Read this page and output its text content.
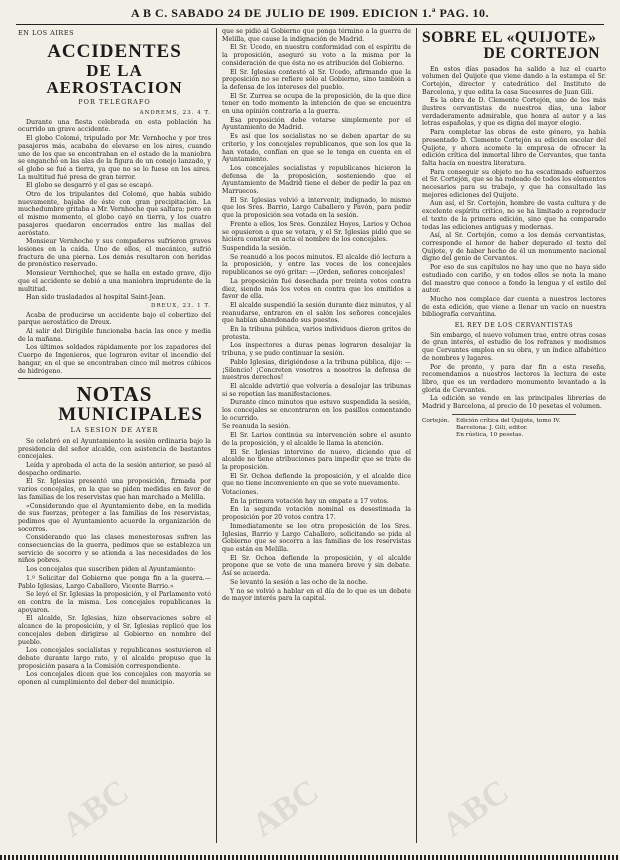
A B C. SABADO 24 DE JULIO DE 1909. EDICION 1.ª PAG. 10.

EN LOS AIRES

ACCIDENTES
DE LA AEROSTACION
POR TELÉGRAFO
ANDREMS, 23. 4 T.

Durante una fiesta celebrada en esta población ha ocurrido un grave accidente.

El globo Colomé, tripulado por Mr. Vernhoche y por tres pasajeros más, acababa de elevarse en los aires, cuando uno de los que se encontraban en el estado de la maniobra se enganchó en las alas de la figura de un conejo lanzado, y el globo se fué a tierra, ya que no se lo fuese en los aires. La multitud fué presa de gran terror.

El globo se desgarró y el gas se escapó.

Otro de los tripulantes del Colomé, que había subido nuevamente, bajaba de éste con gran precipitación. La muchedumbre gritaba a Mr. Vernhoche que saltara; pero en el mismo momento, el globo cayó en tierra, y los cuatro pasajeros quedaron encerrados entre las mallas del aeróstato.

Monsieur Vernhoche y sus compañeros sufrieron graves lesiones en la caída. Uno de ellos, el mecánico, sufrió fractura de una pierna. Los demás resultaron con heridas de pronóstico reservado.

Monsieur Vernhochel, que se halla en estado grave, dijo que el accidente se debió a una maniobra imprudente de la multitud.

Han sido trasladados al hospital Saint-Jean.

DREUX, 23. 1 T.

Acaba de producirse un accidente bajo el cobertizo del parque aerostático de Dreux.

Al salir del Dirigible funcionaba hacia las once y media de la mañana.

Los últimos soldados rápidamente por los zapadores del Cuerpo de Ingenieros, que lograron evitar el incendio del hangar, en el que se encontraban cinco mil metros cúbicos de hidrógeno.

NOTAS
MUNICIPALES
LA SESION DE AYER

Se celebró en el Ayuntamiento la sesión ordinaria bajo la presidencia del señor alcalde, con asistencia de bastantes concejales.

Leída y aprobada el acta de la sesión anterior, se pasó al despacho ordinario.

El Sr. Iglesias presentó una proposición, firmada por varios concejales, en la que se piden medidas en favor de las familias de los reservistas que han marchado a Melilla.

«Considerando que el Ayuntamiento debe, en la medida de sus fuerzas, proteger a las familias de los reservistas, pedimos que el Ayuntamiento acuerde la organización de socorros.

Considerando que las clases menesterosas sufren las consecuencias de la guerra, pedimos que se establezca un servicio de socorro y se atienda a las necesidades de los niños pobres.

Los concejales que suscriben piden al Ayuntamiento:

1.º Solicitar del Gobierno que ponga fin a la guerra.—Pablo Iglesias, Largo Caballero, Vicente Barrio.»

Se leyó el Sr. Iglesias la proposición, y el Parlamento votó en contra de la misma. Los concejales republicanos la apoyaron.

El alcalde, Sr. Iglesias, hizo observaciones sobre el alcance de la proposición, y el Sr. Iglesias replicó que los concejales deben dirigirse al Gobierno en nombre del pueblo.

Los concejales socialistas y republicanos sostuvieron el debate durante largo rato, y el alcalde propuso que la proposición pasara a la Comisión correspondiente.

Los concejales dicen que los concejales con mayoría se oponen al cumplimiento del deber del municipio.

que se pidió al Gobierno que ponga término a la guerra de Melilla, que cause la indignación de Madrid.

El Sr. Ucedo, en nuestra conformidad con el espíritu de la proposición, aseguró su voto a la misma por la consideración de que ésta no es atribución del Gobierno.

El Sr. Iglesias contestó al Sr. Ucedo, afirmando que la proposición no se refiere sólo al Gobierno, sino también a la defensa de los intereses del pueblo.

El Sr. Zurrea se ocupa de la proposición, de la que dice tener en todo momento la intención de que se encuentra en una opinión contraria a la guerra.

Esa proposición debe votarse simplemente por el Ayuntamiento de Madrid.

Es así que los socialistas no se deben apartar de su criterio, y los concejales republicanos, que son los que la han votado, confían en que se le tenga en cuenta en el Ayuntamiento.

Los concejales socialistas y republicanos hicieron la defensa de la proposición, sosteniendo que el Ayuntamiento de Madrid tiene el deber de pedir la paz en Marruecos.

El Sr. Iglesias volvió a intervenir, indignado, lo mismo que los Sres. Barrio, Largo Caballero y Pavón, para pedir que la proposición sea votada en la sesión.

Frente a ellos, los Sres. González Hoyos, Larios y Ochoa se opusieron a que se votara, y el Sr. Iglesias pidió que se hiciera constar en acta el nombre de los concejales.

Suspendida la sesión.

Se reanudó a los pocos minutos. El alcalde dió lectura a la proposición, y entre las voces de los concejales republicanos se oyó gritar: —¡Orden, señores concejales!

La proposición fué desechada por treinta votos contra diez, siendo más los votos en contra que los emitidos a favor de ella.

El alcalde suspendió la sesión durante diez minutos, y al reanudarse, entraron en el salón los señores concejales que habían abandonado sus puestos.

En la tribuna pública, varios individuos dieron gritos de protesta.

Los inspectores a duras penas lograron desalojar la tribuna, y se pudo continuar la sesión.

Pablo Iglesias, dirigiéndose a la tribuna pública, dijo: —¡Silencio! ¡Concreten vosotros a nosotros la defensa de nuestros derechos!

El alcalde advirtió que volvería a desalojar las tribunas si se repetían las manifestaciones.

Durante cinco minutos que estuvo suspendida la sesión, los concejales se encontraron en los pasillos comentando lo ocurrido.

Se reanuda la sesión.

El Sr. Larios continúa su intervención sobre el asunto de la proposición, y el alcalde le llama la atención.

El Sr. Iglesias intervino de nuevo, diciendo que el alcalde no tiene atribuciones para impedir que se trate de la proposición.

El Sr. Ochoa defiende la proposición, y el alcalde dice que no tiene inconveniente en que se vote nuevamente.

Votaciones.

En la primera votación hay un empate a 17 votos.

En la segunda votación nominal es desestimada la proposición por 20 votos contra 17.

Inmediatamente se lee otra proposición de los Sres. Iglesias, Barrio y Largo Caballero, solicitando se pida al Gobierno que se socorra a las familias de los reservistas que están en Melilla.

El Sr. Ochoa defiende la proposición, y el alcalde propone que se vote de una manera breve y sin debate. Así se acuerda.

Se levantó la sesión a las ocho de la noche.

Y no se volvió a hablar en el día de lo que es un debate de mayor interés para la capital.

SOBRE EL «QUIJOTE»
DE CORTEJON

En estos días pasados ha salido a luz el cuarto volumen del Quijote que viene dando a la estampa el Sr. Cortejón, director y catedrático del Instituto de Barcelona, y que edita la casa Sucesores de Juan Gili.

Es la obra de D. Clemente Cortejón, uno de los más ilustres cervantistas de nuestros días, una labor verdaderamente admirable, que honra al autor y a las letras españolas, y que es digna del mayor elogio.

Para completar las obras de este género, ya había presentado D. Clemente Cortejón su edición escolar del Quijote, y ahora acomete la empresa de ofrecer la edición crítica del inmortal libro de Cervantes, que tanta falta hacía en nuestra literatura.

Para conseguir su objeto no ha escatimado esfuerzos el Sr. Cortejón, que se ha rodeado de todos los elementos necesarios para su trabajo, y que ha consultado las mejores ediciones del Quijote.

Aun así, el Sr. Cortejón, hombre de vasta cultura y de excelente espíritu crítico, no se ha limitado a reproducir el texto de la primera edición, sino que ha comparado todas las ediciones antiguas y modernas.

Así, al Sr. Cortejón, como a los demás cervantistas, corresponde el honor de haber depurado el texto del Quijote, y de haber hecho de él un monumento nacional digno del genio de Cervantes.

Por eso de sus capítulos no hay uno que no haya sido estudiado con cariño, y en todos ellos se nota la mano del maestro que conoce a fondo la lengua y el estilo del autor.

Mucho nos complace dar cuenta a nuestros lectores de esta edición, que viene a llenar un vacío en nuestra bibliografía cervantina.

EL REY DE LOS CERVANTISTAS

Sin embargo, el nuevo volumen trae, entre otras cosas de gran interés, el estudio de los refranes y modismos que Cervantes emplea en su obra, y un índice alfabético de nombres y lugares.

Por de pronto, y para dar fin a esta reseña, recomendamos a nuestros lectores la lectura de este libro, que es un verdadero monumento levantado a la gloria de Cervantes.

La edición se vende en las principales librerías de Madrid y Barcelona, al precio de 10 pesetas el volumen.

Cortejón.	Edición crítica del Quijote, tomo IV.
Barcelona: J. Gili, editor.
En rústica, 10 pesetas.
ABC	ABC	ABC
